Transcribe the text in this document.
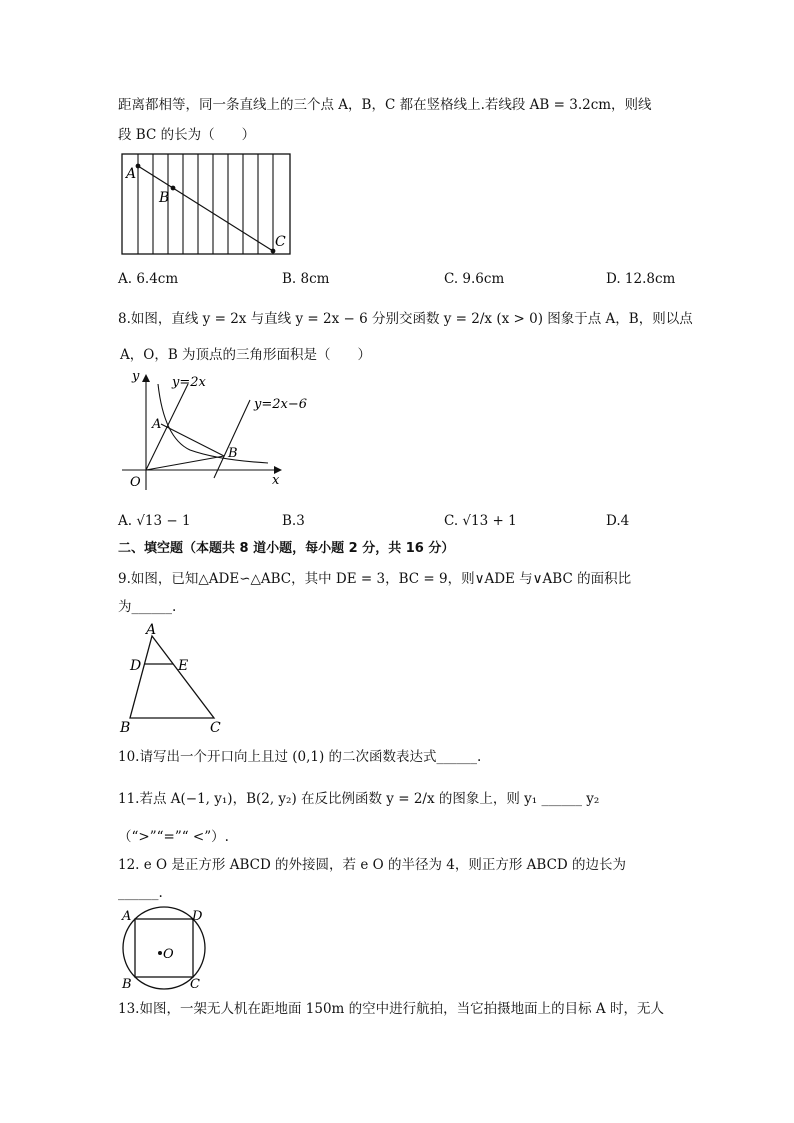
距离都相等，同一条直线上的三个点 A，B，C 都在竖格线上.若线段 AB = 3.2cm，则线
段 BC 的长为（　　）
A
B
C
A. 6.4cm	B. 8cm	C. 9.6cm	D. 12.8cm
8.如图，直线 y = 2x 与直线 y = 2x − 6 分别交函数 y = 2/x (x > 0) 图象于点 A，B，则以点
A，O，B 为顶点的三角形面积是（　　）
y
x
O
A
B
y=2x
y=2x−6
A. √13 − 1	B.3	C. √13 + 1	D.4
二、填空题（本题共 8 道小题，每小题 2 分，共 16 分）
9.如图，已知△ADE∽△ABC，其中 DE = 3，BC = 9，则∨ADE 与∨ABC 的面积比
为______.
A
D	E
B	C
10.请写出一个开口向上且过 (0,1) 的二次函数表达式______.
11.若点 A(−1, y₁)，B(2, y₂) 在反比例函数 y = 2/x 的图象上，则 y₁ ______ y₂
（“>”“=”“ <”）.
12. e O 是正方形 ABCD 的外接圆，若 e O 的半径为 4，则正方形 ABCD 的边长为
______.
A	D
B	C
O
13.如图，一架无人机在距地面 150m 的空中进行航拍，当它拍摄地面上的目标 A 时，无人
